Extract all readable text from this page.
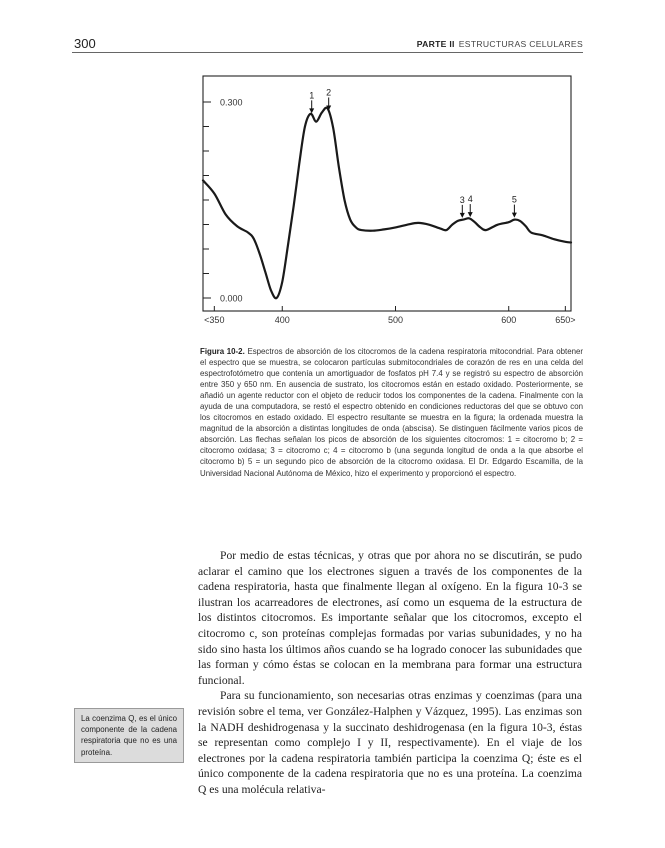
300	PARTE II ESTRUCTURAS CELULARES
<350	400	500	600	650>
0.300
0.000
1 2
3 4	5
Figura 10-2. Espectros de absorción de los citocromos de la cadena respiratoria mitocondrial. Para obtener el espectro que se muestra, se colocaron partículas submitocondriales de corazón de res en una celda del espectrofotómetro que contenía un amortiguador de fosfatos pH 7.4 y se registró su espectro de absorción entre 350 y 650 nm. En ausencia de sustrato, los citocromos están en estado oxidado. Posteriormente, se añadió un agente reductor con el objeto de reducir todos los componentes de la cadena. Finalmente con la ayuda de una computadora, se restó el espectro obtenido en condiciones reductoras del que se obtuvo con los citocromos en estado oxidado. El espectro resultante se muestra en la figura; la ordenada muestra la magnitud de la absorción a distintas longitudes de onda (abscisa). Se distinguen fácilmente varios picos de absorción. Las flechas señalan los picos de absorción de los siguientes citocromos: 1 = citocromo b; 2 = citocromo oxidasa; 3 = citocromo c; 4 = citocromo b (una segunda longitud de onda a la que absorbe el citocromo b) 5 = un segundo pico de absorción de la citocromo oxidasa. El Dr. Edgardo Escamilla, de la Universidad Nacional Autónoma de México, hizo el experimento y proporcionó el espectro.

Por medio de estas técnicas, y otras que por ahora no se discutirán, se pudo aclarar el camino que los electrones siguen a través de los componentes de la cadena respiratoria, hasta que finalmente llegan al oxígeno. En la figura 10-3 se ilustran los acarreadores de electrones, así como un esquema de la estructura de los distintos citocromos. Es importante señalar que los citocromos, excepto el citocromo c, son proteínas complejas formadas por varias subunidades, y no ha sido sino hasta los últimos años cuando se ha logrado conocer las subunidades que las forman y cómo éstas se colocan en la membrana para formar una estructura funcional.

Para su funcionamiento, son necesarias otras enzimas y coenzimas (para una revisión sobre el tema, ver González-Halphen y Vázquez, 1995). Las enzimas son la NADH deshidrogenasa y la succinato deshidrogenasa (en la figura 10-3, éstas se representan como complejo I y II, respectivamente). En el viaje de los electrones por la cadena respiratoria también participa la coenzima Q; éste es el único componente de la cadena respiratoria que no es una proteína. La coenzima Q es una molécula relativa-

La coenzima Q, es el único componente de la cadena respiratoria que no es una proteína.
